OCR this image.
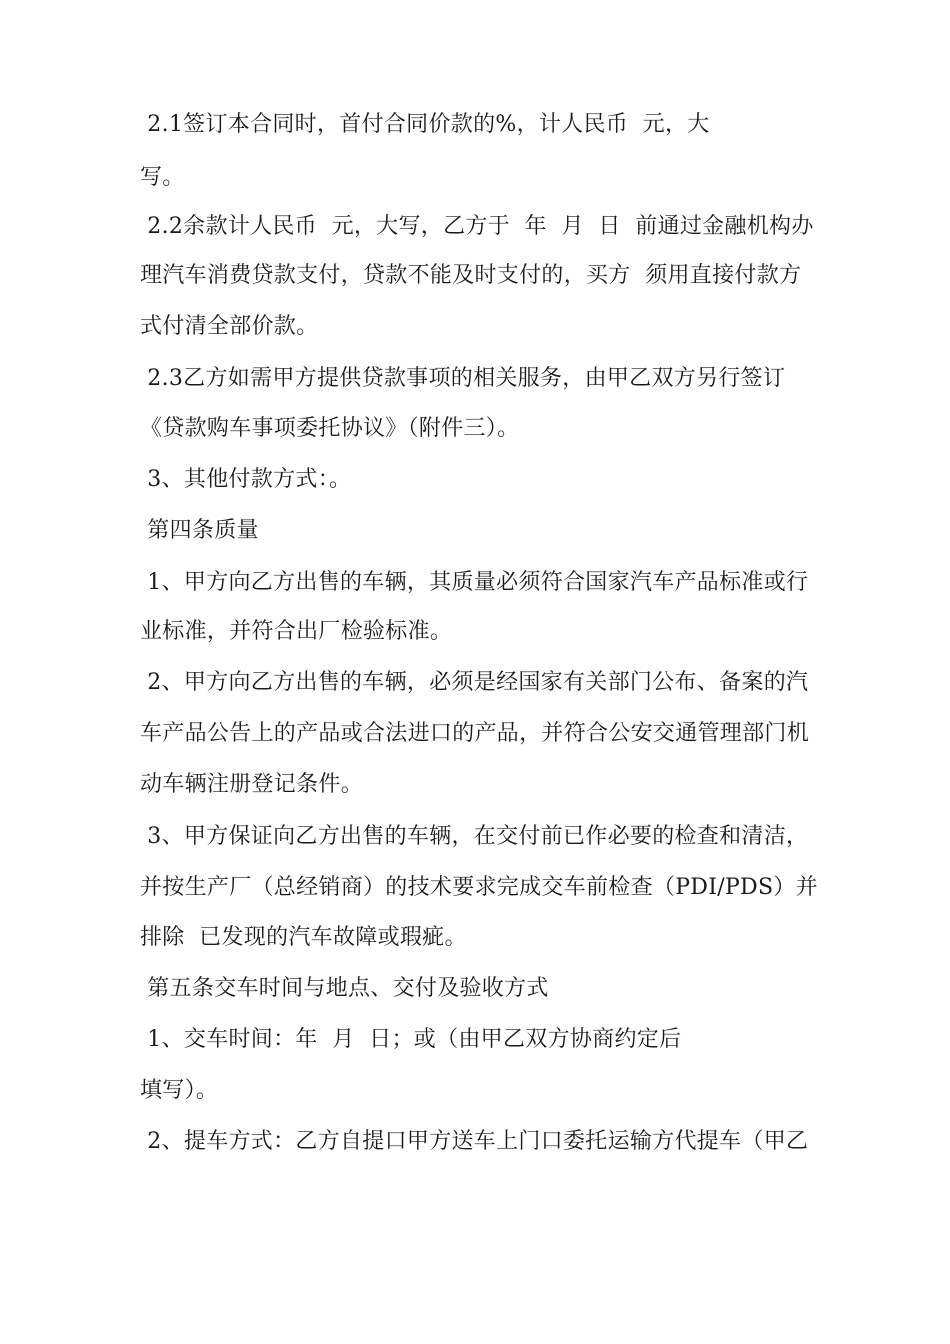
2.1签订本合同时，首付合同价款的%，计人民币  元，大
写。
2.2余款计人民币  元，大写，乙方于  年  月  日  前通过金融机构办
理汽车消费贷款支付，贷款不能及时支付的，买方  须用直接付款方
式付清全部价款。
2.3乙方如需甲方提供贷款事项的相关服务，由甲乙双方另行签订
《贷款购车事项委托协议》（附件三）。
3、其他付款方式：。
第四条质量
1、甲方向乙方出售的车辆，其质量必须符合国家汽车产品标准或行
业标准，并符合出厂检验标准。
2、甲方向乙方出售的车辆，必须是经国家有关部门公布、备案的汽
车产品公告上的产品或合法进口的产品，并符合公安交通管理部门机
动车辆注册登记条件。
3、甲方保证向乙方出售的车辆，在交付前已作必要的检查和清洁，
并按生产厂（总经销商）的技术要求完成交车前检查（PDI/PDS）并
排除  已发现的汽车故障或瑕疵。
第五条交车时间与地点、交付及验收方式
1、交车时间：年  月  日；或（由甲乙双方协商约定后
填写）。
2、提车方式：乙方自提口甲方送车上门口委托运输方代提车（甲乙
